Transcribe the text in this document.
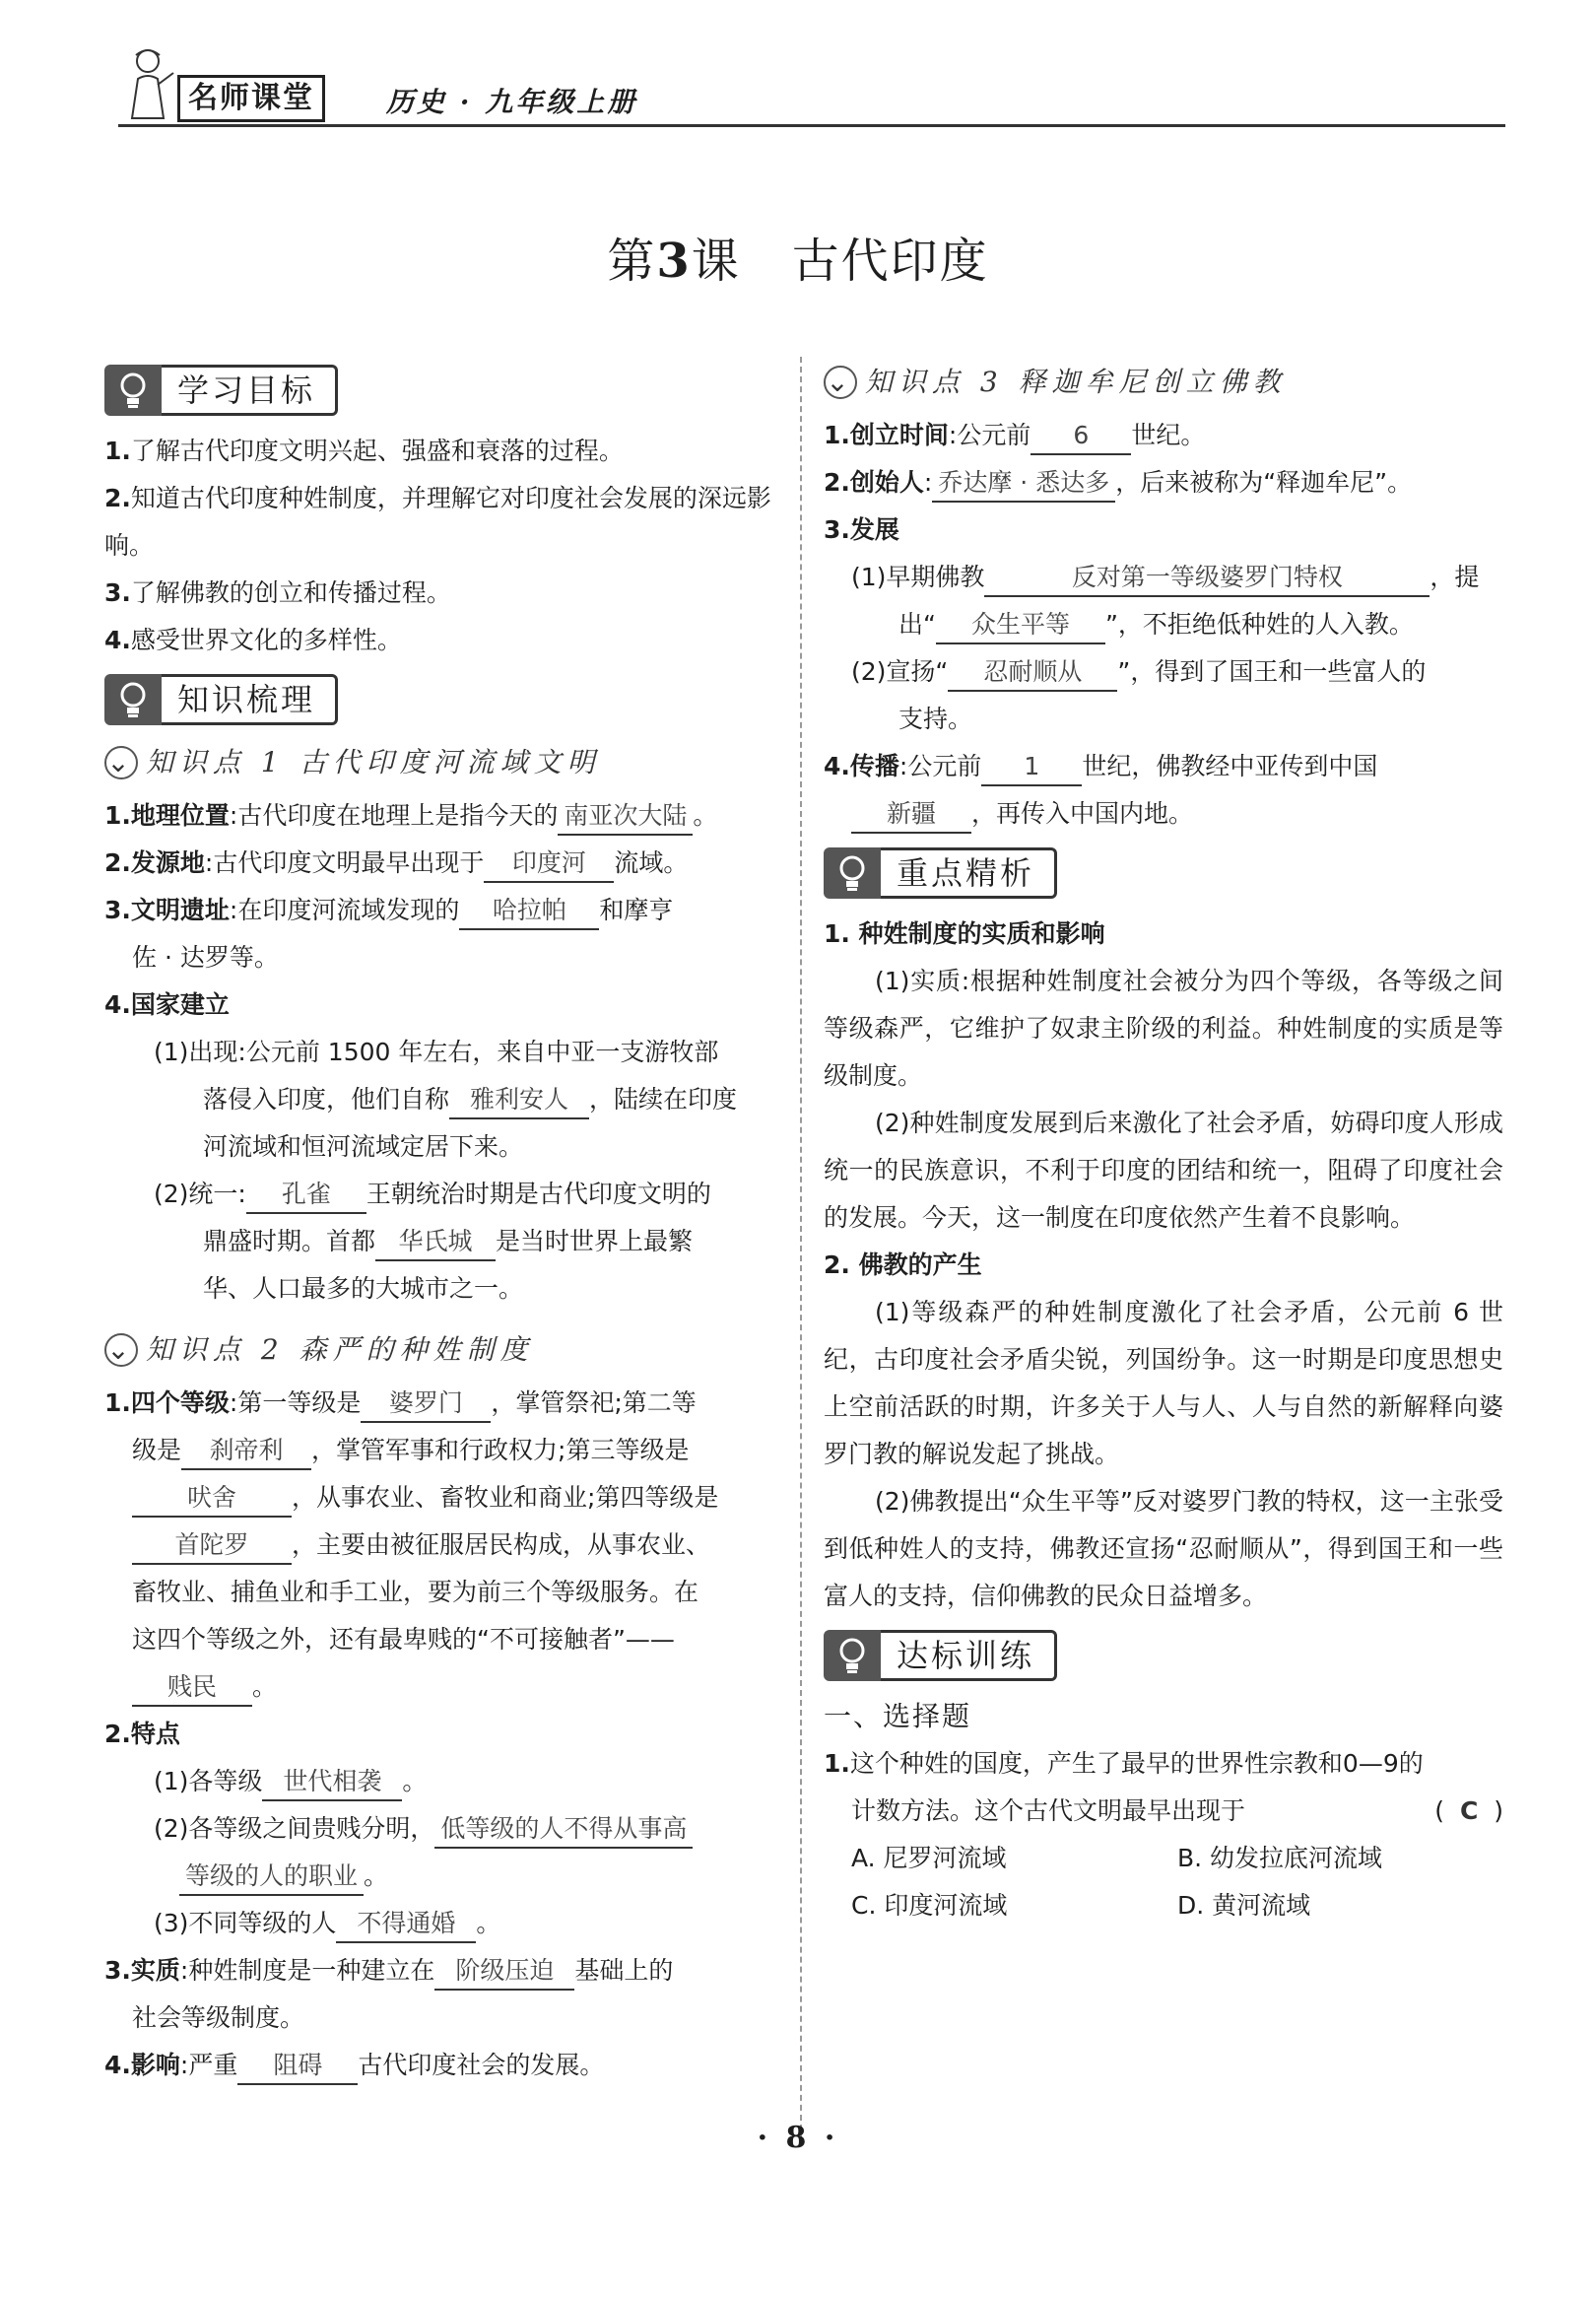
名师课堂	历史 · 九年级上册
第3课 古代印度
学习目标
1.了解古代印度文明兴起、强盛和衰落的过程。
2.知道古代印度种姓制度，并理解它对印度社会发展的深远影响。
3.了解佛教的创立和传播过程。
4.感受世界文化的多样性。
知识梳理
⌄ 知识点 1 古代印度河流域文明
1.地理位置:古代印度在地理上是指今天的 南亚次大陆 。
2.发源地:古代印度文明最早出现于 印度河 流域。
3.文明遗址:在印度河流域发现的 哈拉帕 和摩亨
佐 · 达罗等。
4.国家建立
(1)出现:公元前 1500 年左右，来自中亚一支游牧部
落侵入印度，他们自称 雅利安人 ，陆续在印度
河流域和恒河流域定居下来。
(2)统一: 孔雀 王朝统治时期是古代印度文明的
鼎盛时期。首都 华氏城 是当时世界上最繁
华、人口最多的大城市之一。
⌄ 知识点 2 森严的种姓制度
1.四个等级:第一等级是 婆罗门 ，掌管祭祀;第二等
级是 刹帝利 ，掌管军事和行政权力;第三等级是
吠舍 ，从事农业、畜牧业和商业;第四等级是
首陀罗 ，主要由被征服居民构成，从事农业、
畜牧业、捕鱼业和手工业，要为前三个等级服务。在
这四个等级之外，还有最卑贱的“不可接触者”——
贱民 。
2.特点
(1)各等级 世代相袭 。
(2)各等级之间贵贱分明， 低等级的人不得从事高
等级的人的职业 。
(3)不同等级的人 不得通婚 。
3.实质:种姓制度是一种建立在 阶级压迫 基础上的
社会等级制度。
4.影响:严重 阻碍 古代印度社会的发展。
⌄ 知识点 3 释迦牟尼创立佛教
1.创立时间:公元前 6 世纪。
2.创始人: 乔达摩 · 悉达多 ，后来被称为“释迦牟尼”。
3.发展
(1)早期佛教	反对第一等级婆罗门特权	，提
出“ 众生平等 ”，不拒绝低种姓的人入教。
(2)宣扬“ 忍耐顺从 ”，得到了国王和一些富人的
支持。
4.传播:公元前 1 世纪，佛教经中亚传到中国
新疆 ，再传入中国内地。
重点精析
1. 种姓制度的实质和影响

(1)实质:根据种姓制度社会被分为四个等级，各等级之间等级森严，它维护了奴隶主阶级的利益。种姓制度的实质是等级制度。

(2)种姓制度发展到后来激化了社会矛盾，妨碍印度人形成统一的民族意识，不利于印度的团结和统一，阻碍了印度社会的发展。今天，这一制度在印度依然产生着不良影响。

2. 佛教的产生

(1)等级森严的种姓制度激化了社会矛盾，公元前 6 世纪，古印度社会矛盾尖锐，列国纷争。这一时期是印度思想史上空前活跃的时期，许多关于人与人、人与自然的新解释向婆罗门教的解说发起了挑战。

(2)佛教提出“众生平等”反对婆罗门教的特权，这一主张受到低种姓人的支持，佛教还宣扬“忍耐顺从”，得到国王和一些富人的支持，信仰佛教的民众日益增多。

达标训练
一、选择题
1.这个种姓的国度，产生了最早的世界性宗教和0—9的
计数方法。这个古代文明最早出现于	( C )
A. 尼罗河流域	B. 幼发拉底河流域
C. 印度河流域	D. 黄河流域
· 8 ·
